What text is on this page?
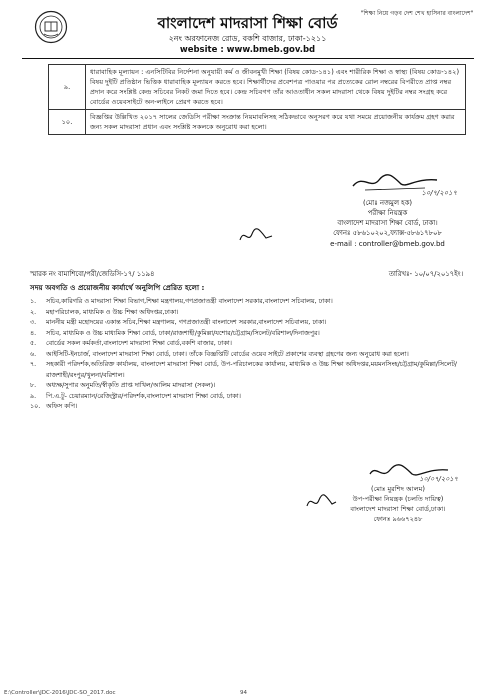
"শিক্ষা নিয়ে গড়ব দেশ শেখ হাসিনার বাংলাদেশ"
বাংলাদেশ মাদরাসা শিক্ষা বোর্ড
২নং অরফানেজ রোড, বকশি বাজার, ঢাকা-১২১১
website : www.bmeb.gov.bd
৯.	ধারাবাহিক মূল্যায়ন : এনসিটিবির নির্দেশনা অনুযায়ী কর্ম ও জীবনমুখী শিক্ষা (বিষয় কোড-১৪১) এবং শারীরিক শিক্ষা ও স্বাস্থ্য (বিষয় কোড-১৪২) বিষয় দুইটি প্রতিষ্ঠান ভিত্তিক ধারাবাহিক মূল্যায়ন করতে হবে। শিক্ষার্থীদের প্রবেশপত্র পাওয়ার পর প্রত্যেকের রোল নম্বরের বিপরীতে প্রাপ্ত নম্বর প্রদান করে সংশ্লিষ্ট কেন্দ্র সচিবের নিকট জমা দিতে হবে। কেন্দ্র সচিবগণ তাঁর আওতাধীন সকল মাদরাসা থেকে বিষয় দুইটির নম্বর সংগ্রহ করে বোর্ডের ওয়েবসাইটে অন-লাইনে প্রেরণ করতে হবে।
১০.	বিজ্ঞপ্তির উল্লিখিত ২০১৭ সালের জেডিসি পরীক্ষা সংক্রান্ত নিয়মাবলিসহ সঠিকভাবে অনুসরণ করে যথা সময়ে প্রয়োজনীয় কার্যক্রম গ্রহণ করার জন্য সকল মাদরাসা প্রধান এবং সংশ্লিষ্ট সকলকে অনুরোধ করা হলো।
১০/৭/২০১৭
(মোঃ নজমুল হক)
পরীক্ষা নিয়ন্ত্রক
বাংলাদেশ মাদরাসা শিক্ষা বোর্ড, ঢাকা।
ফোনঃ ৫৮৬১০২০২,ফ্যাক্স-৫৮৬১৭৮০৮
e-mail : controller@bmeb.gov.bd
স্মারক নং বামাশিবো/পরী/জেডিসি-১৭/ ১১৯৪	তারিখঃ- ১০/০৭/২০১৭ইং।
সদয় অবগতি ও প্রয়োজনীয় কার্যার্থে অনুলিপি প্রেরিত হলো :
১.	সচিব,কারিগরি ও মাদরাসা শিক্ষা বিভাগ,শিক্ষা মন্ত্রণালয়,গণপ্রজাতন্ত্রী বাংলাদেশ সরকার,বাংলাদেশ সচিবালয়, ঢাকা।
২.	মহাপরিচালক, মাধ্যমিক ও উচ্চ শিক্ষা অধিদপ্তর,ঢাকা।
৩.	মাননীয় মন্ত্রী মহোদয়ের একান্ত সচিব,শিক্ষা মন্ত্রণালয়, গণপ্রজাতন্ত্রী বাংলাদেশ সরকার,বাংলাদেশ সচিবালয়, ঢাকা।
৪.	সচিব, মাধ্যমিক ও উচ্চ মাধ্যমিক শিক্ষা বোর্ড, ঢাকা/রাজশাহী/কুমিল্লা/যশোর/চট্টগ্রাম/সিলেট/বরিশাল/দিনাজপুর।
৫.	বোর্ডের সকল কর্মকর্তা,বাংলাদেশ মাদরাসা শিক্ষা বোর্ড,বকশি বাজার, ঢাকা।
৬.	আইসিটি-ইনচার্জ, বাংলাদেশ মাদরাসা শিক্ষা বোর্ড, ঢাকা। তাঁকে বিজ্ঞপ্তিটি বোর্ডের ওয়েব সাইটে প্রকাশের ব্যবস্থা গ্রহণের জন্য অনুরোধ করা হলো।
৭.	সহকারী পরিদর্শক,অতিরিক্ত কার্যালয়, বাংলাদেশ মাদরাসা শিক্ষা বোর্ড, উপ-পরিচালকের কার্যালয়, মাধ্যমিক ও উচ্চ শিক্ষা অধিদপ্তর,ময়মনসিংহ/চট্টগ্রাম/কুমিল্লা/সিলেট/রাজশাহী/রংপুর/খুলনা/বরিশাল।
৮.	অধ্যক্ষ/সুপার অনুমতি/স্বীকৃতি প্রাপ্ত দাখিল/আলিম মাদরাসা (সকল)।
৯.	পি.এ.টু- চেয়ারম্যান/রেজিস্ট্রার/পরিদর্শক,বাংলাদেশ মাদরাসা শিক্ষা বোর্ড, ঢাকা।
১০. অফিস কপি।
১০/০৭/২০১৭
(মোঃ মুরশিদ আলম)
উপ-পরীক্ষা নিয়ন্ত্রক (চলতি দায়িত্ব)
বাংলাদেশ মাদরাসা শিক্ষা বোর্ড,ঢাকা।
ফোনঃ ৯৬৬৭২৪৮
E:\Controller\JDC-2016\JDC-SO_2017.doc	94
